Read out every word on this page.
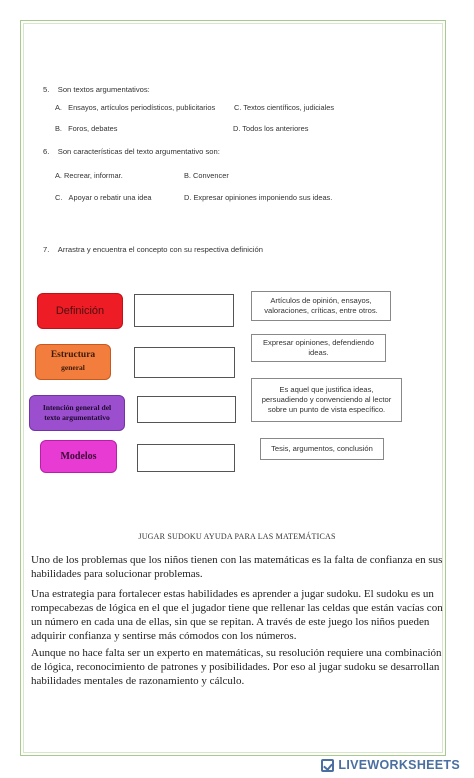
5.    Son textos argumentativos:
A.   Ensayos, artículos periodísticos, publicitarios	C. Textos científicos, judiciales
B.   Foros, debates	D. Todos los anteriores
6.    Son características del texto argumentativo son:
A. Recrear, informar.	B. Convencer
C.   Apoyar o rebatir una idea	D. Expresar opiniones imponiendo sus ideas.
7.    Arrastra y encuentra el concepto con su respectiva definición
Definición
Estructura
general
Intención general del
texto argumentativo
Modelos
Artículos de opinión, ensayos,
valoraciones, críticas, entre otros.
Expresar opiniones, defendiendo
ideas.
Es aquel que justifica ideas,
persuadiendo y convenciendo al lector
sobre un punto de vista específico.
Tesis, argumentos, conclusión
JUGAR SUDOKU AYUDA PARA LAS MATEMÁTICAS
Uno de los problemas que los niños tienen con las matemáticas es la falta de confianza en sus habilidades para solucionar problemas.
Una estrategia para fortalecer estas habilidades es aprender a jugar sudoku. El sudoku es un rompecabezas de lógica en el que el jugador tiene que rellenar las celdas que están vacías con un número en cada una de ellas, sin que se repitan. A través de este juego los niños pueden adquirir confianza y sentirse más cómodos con los números.
Aunque no hace falta ser un experto en matemáticas, su resolución requiere una combinación de lógica, reconocimiento de patrones y posibilidades. Por eso al jugar sudoku se desarrollan habilidades mentales de razonamiento y cálculo.
LIVEWORKSHEETS
